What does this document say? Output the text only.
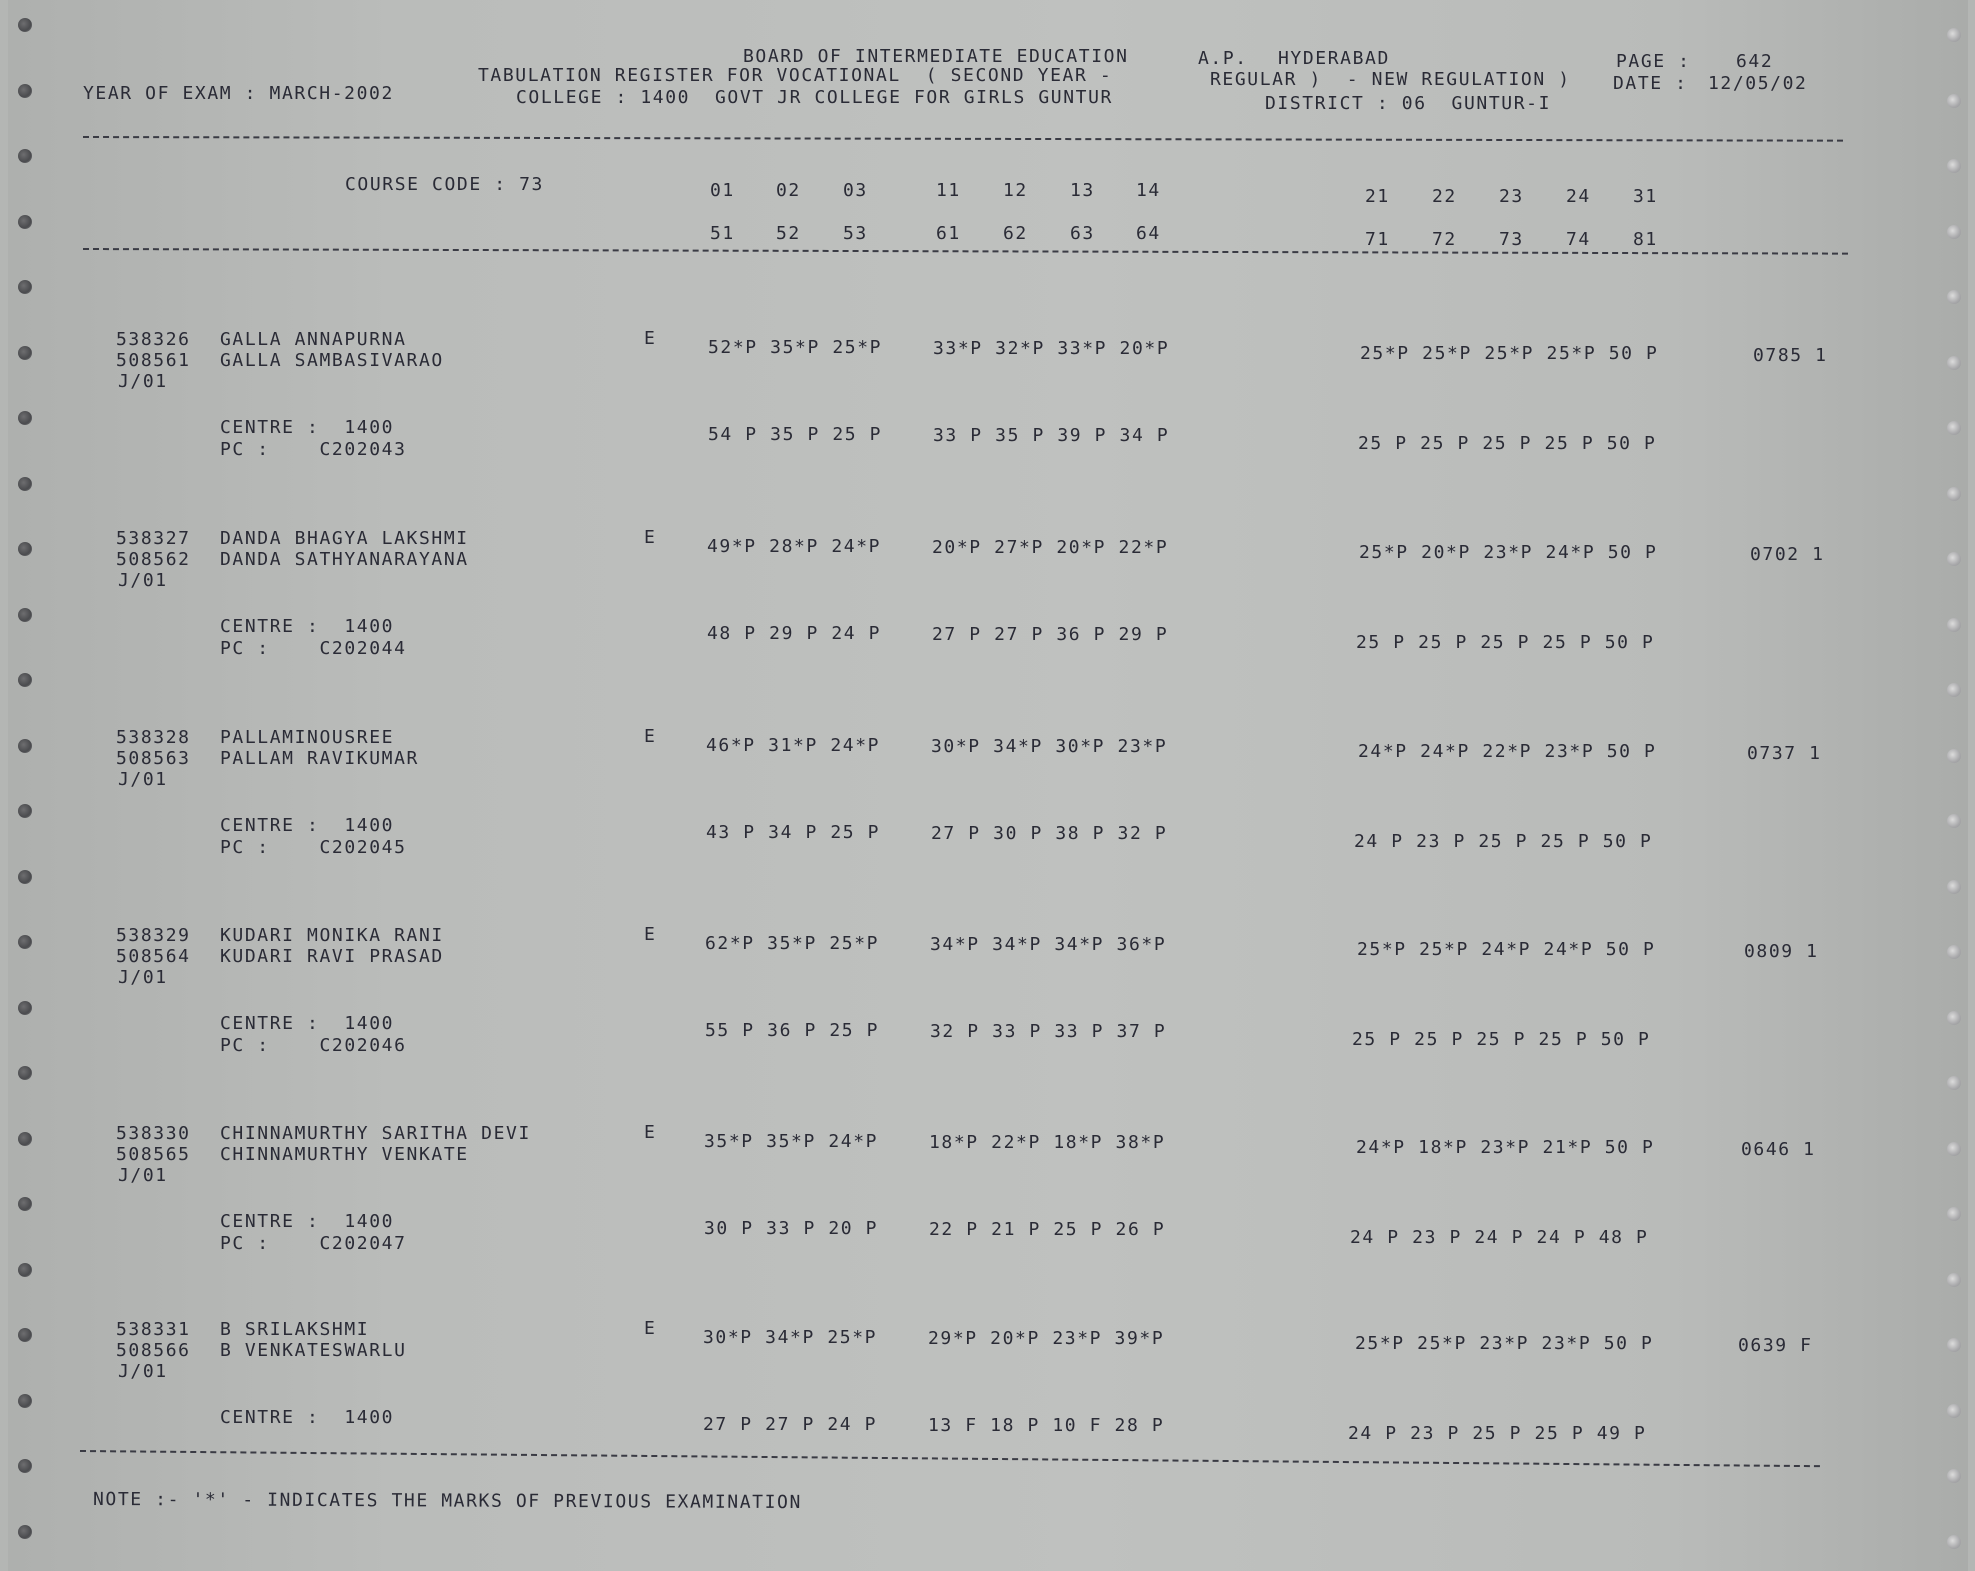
BOARD OF INTERMEDIATE EDUCATION	A.P. HYDERABAD	PAGE :	642
TABULATION REGISTER FOR VOCATIONAL  ( SECOND YEAR -	REGULAR )  - NEW REGULATION ) DATE : 12/05/02
YEAR OF EXAM : MARCH-2002	COLLEGE : 1400  GOVT JR COLLEGE FOR GIRLS GUNTUR	DISTRICT : 06  GUNTUR-I
COURSE CODE : 73	01 02 03	11 12 13 14	21 22 23 24 31
51 52 53	61 62 63 64	71 72 73 74 81
538326 GALLA ANNAPURNA
508561 GALLA SAMBASIVARAO
J/01
E	52*P 35*P 25*P	33*P 32*P 33*P 20*P	25*P 25*P 25*P 25*P 50 P	0785 1
CENTRE :  1400
PC :    C202043
54 P 35 P 25 P	33 P 35 P 39 P 34 P	25 P 25 P 25 P 25 P 50 P
538327 DANDA BHAGYA LAKSHMI
508562 DANDA SATHYANARAYANA
J/01
E	49*P 28*P 24*P	20*P 27*P 20*P 22*P	25*P 20*P 23*P 24*P 50 P	0702 1
CENTRE :  1400
PC :    C202044
48 P 29 P 24 P	27 P 27 P 36 P 29 P	25 P 25 P 25 P 25 P 50 P
538328 PALLAMINOUSREE
508563 PALLAM RAVIKUMAR
J/01
E	46*P 31*P 24*P	30*P 34*P 30*P 23*P	24*P 24*P 22*P 23*P 50 P	0737 1
CENTRE :  1400
PC :    C202045
43 P 34 P 25 P	27 P 30 P 38 P 32 P	24 P 23 P 25 P 25 P 50 P
538329 KUDARI MONIKA RANI
508564 KUDARI RAVI PRASAD
J/01
E	62*P 35*P 25*P	34*P 34*P 34*P 36*P	25*P 25*P 24*P 24*P 50 P	0809 1
CENTRE :  1400
PC :    C202046
55 P 36 P 25 P	32 P 33 P 33 P 37 P	25 P 25 P 25 P 25 P 50 P
538330 CHINNAMURTHY SARITHA DEVI
508565 CHINNAMURTHY VENKATE
J/01
E	35*P 35*P 24*P	18*P 22*P 18*P 38*P	24*P 18*P 23*P 21*P 50 P	0646 1
CENTRE :  1400
PC :    C202047
30 P 33 P 20 P	22 P 21 P 25 P 26 P	24 P 23 P 24 P 24 P 48 P
538331 B SRILAKSHMI
508566 B VENKATESWARLU
J/01
E	30*P 34*P 25*P	29*P 20*P 23*P 39*P	25*P 25*P 23*P 23*P 50 P	0639 F
CENTRE :  1400	27 P 27 P 24 P	13 F 18 P 10 F 28 P	24 P 23 P 25 P 25 P 49 P
NOTE :- '*' - INDICATES THE MARKS OF PREVIOUS EXAMINATION
